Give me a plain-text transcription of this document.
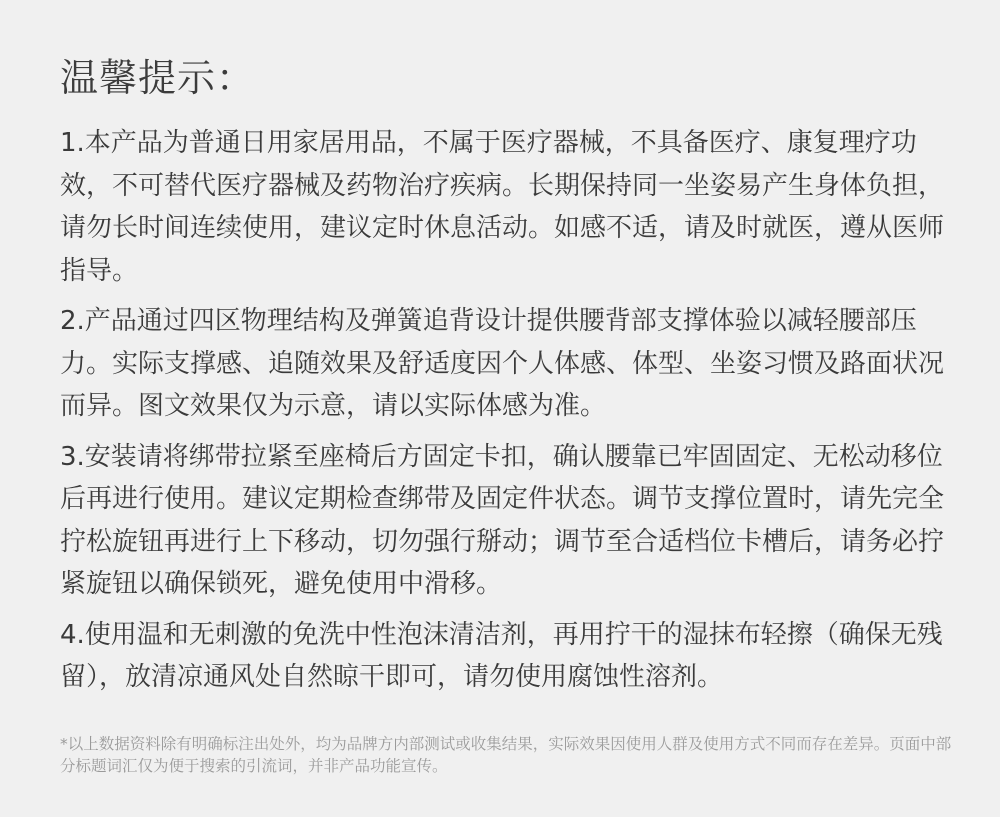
温馨提示：

1.本产品为普通日用家居用品，不属于医疗器械，不具备医疗、康复理疗功效，不可替代医疗器械及药物治疗疾病。长期保持同一坐姿易产生身体负担，请勿长时间连续使用，建议定时休息活动。如感不适，请及时就医，遵从医师指导。

2.产品通过四区物理结构及弹簧追背设计提供腰背部支撑体验以减轻腰部压力。实际支撑感、追随效果及舒适度因个人体感、体型、坐姿习惯及路面状况而异。图文效果仅为示意，请以实际体感为准。

3.安装请将绑带拉紧至座椅后方固定卡扣，确认腰靠已牢固固定、无松动移位后再进行使用。建议定期检查绑带及固定件状态。调节支撑位置时，请先完全拧松旋钮再进行上下移动，切勿强行掰动；调节至合适档位卡槽后，请务必拧紧旋钮以确保锁死，避免使用中滑移。

4.使用温和无刺激的免洗中性泡沫清洁剂，再用拧干的湿抹布轻擦（确保无残留），放清凉通风处自然晾干即可，请勿使用腐蚀性溶剂。

*以上数据资料除有明确标注出处外，均为品牌方内部测试或收集结果，实际效果因使用人群及使用方式不同而存在差异。页面中部分标题词汇仅为便于搜索的引流词，并非产品功能宣传。
